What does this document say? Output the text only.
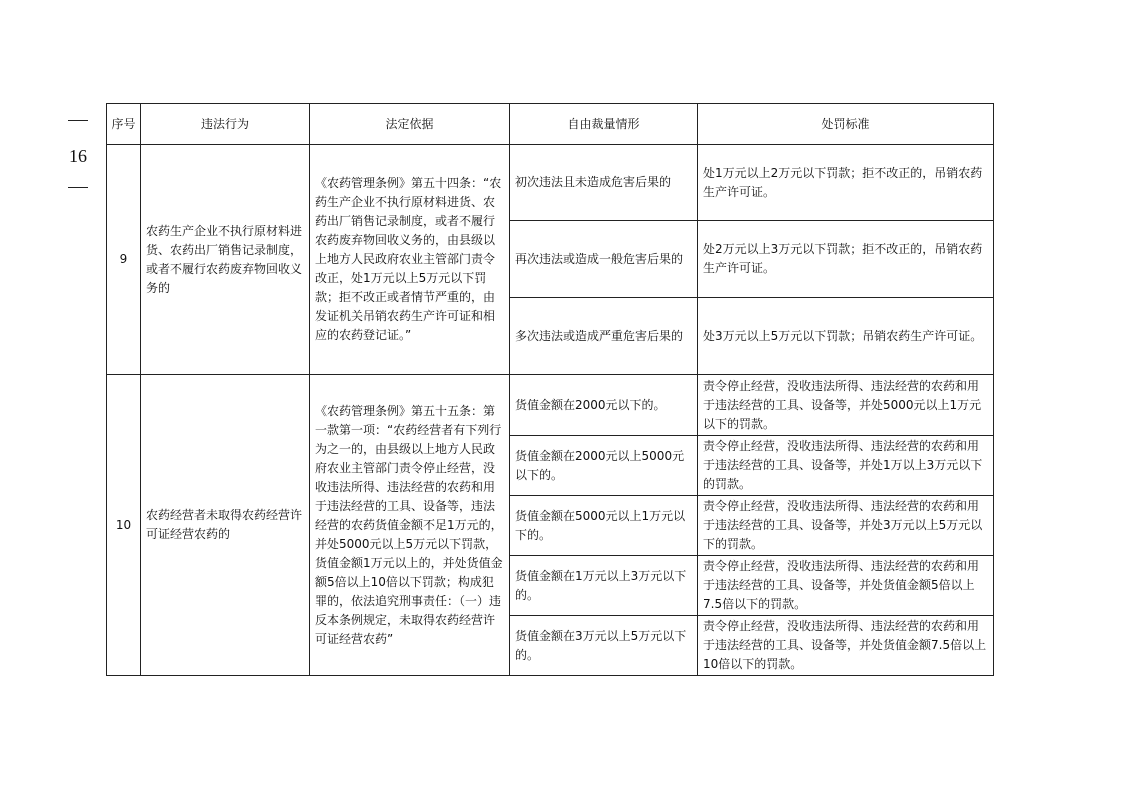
16
序号	违法行为	法定依据	自由裁量情形	处罚标准
9	农药生产企业不执行原材料进货、农药出厂销售记录制度，或者不履行农药废弃物回收义务的	《农药管理条例》第五十四条：“农药生产企业不执行原材料进货、农药出厂销售记录制度，或者不履行农药废弃物回收义务的，由县级以上地方人民政府农业主管部门责令改正，处1万元以上5万元以下罚款；拒不改正或者情节严重的，由发证机关吊销农药生产许可证和相应的农药登记证。”	初次违法且未造成危害后果的	处1万元以上2万元以下罚款；拒不改正的，吊销农药生产许可证。
			再次违法或造成一般危害后果的	处2万元以上3万元以下罚款；拒不改正的，吊销农药生产许可证。
			多次违法或造成严重危害后果的	处3万元以上5万元以下罚款；吊销农药生产许可证。
10	农药经营者未取得农药经营许可证经营农药的	《农药管理条例》第五十五条：第一款第一项：“农药经营者有下列行为之一的，由县级以上地方人民政府农业主管部门责令停止经营，没收违法所得、违法经营的农药和用于违法经营的工具、设备等，违法经营的农药货值金额不足1万元的，并处5000元以上5万元以下罚款，货值金额1万元以上的，并处货值金额5倍以上10倍以下罚款；构成犯罪的，依法追究刑事责任：（一）违反本条例规定，未取得农药经营许可证经营农药”	货值金额在2000元以下的。	责令停止经营，没收违法所得、违法经营的农药和用于违法经营的工具、设备等，并处5000元以上1万元以下的罚款。
			货值金额在2000元以上5000元以下的。	责令停止经营，没收违法所得、违法经营的农药和用于违法经营的工具、设备等，并处1万以上3万元以下的罚款。
			货值金额在5000元以上1万元以下的。	责令停止经营，没收违法所得、违法经营的农药和用于违法经营的工具、设备等，并处3万元以上5万元以下的罚款。
			货值金额在1万元以上3万元以下的。	责令停止经营，没收违法所得、违法经营的农药和用于违法经营的工具、设备等，并处货值金额5倍以上7.5倍以下的罚款。
			货值金额在3万元以上5万元以下的。	责令停止经营，没收违法所得、违法经营的农药和用于违法经营的工具、设备等，并处货值金额7.5倍以上10倍以下的罚款。
